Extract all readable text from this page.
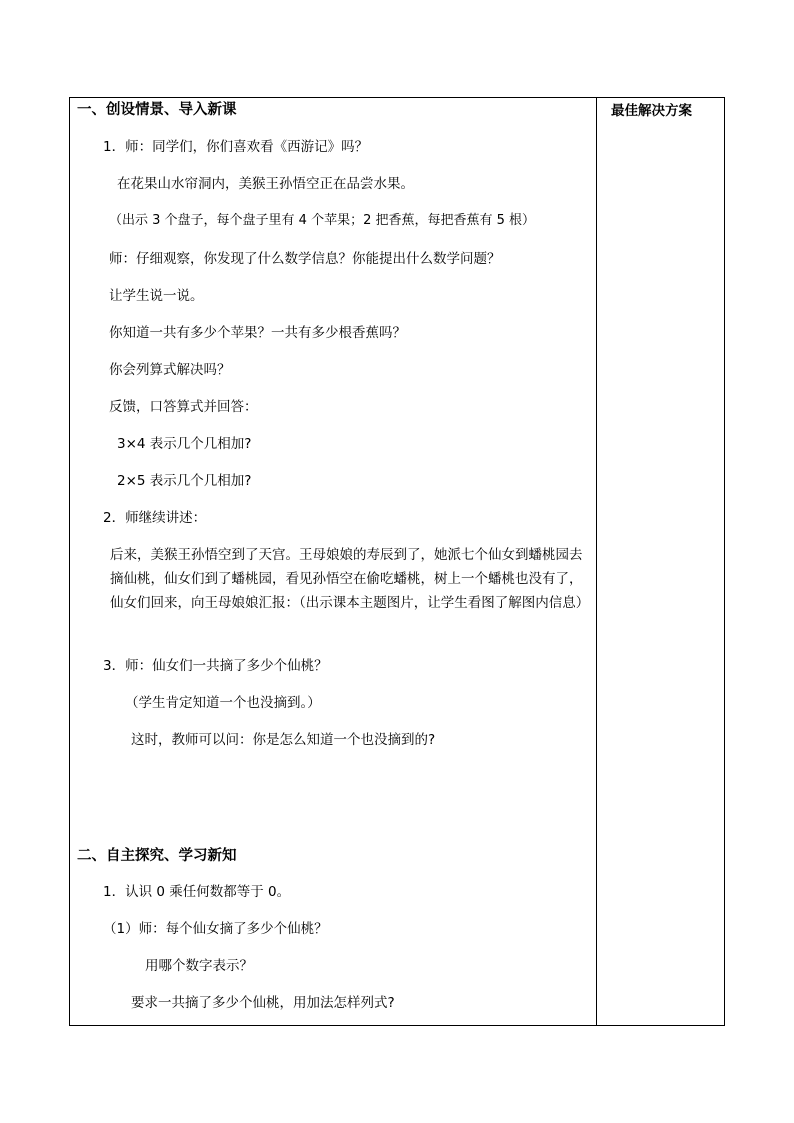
最佳解决方案
一、创设情景、导入新课
1．师：同学们，你们喜欢看《西游记》吗？
在花果山水帘洞内，美猴王孙悟空正在品尝水果。
（出示 3 个盘子，每个盘子里有 4 个苹果；2 把香蕉，每把香蕉有 5 根）
师：仔细观察，你发现了什么数学信息？你能提出什么数学问题？
让学生说一说。
你知道一共有多少个苹果？一共有多少根香蕉吗？
你会列算式解决吗？
反馈，口答算式并回答：
3×4 表示几个几相加?
2×5 表示几个几相加?
2．师继续讲述：
后来，美猴王孙悟空到了天宫。王母娘娘的寿辰到了，她派七个仙女到蟠桃园去摘仙桃，仙女们到了蟠桃园，看见孙悟空在偷吃蟠桃，树上一个蟠桃也没有了，仙女们回来，向王母娘娘汇报：（出示课本主题图片，让学生看图了解图内信息）
3．师：仙女们一共摘了多少个仙桃？
（学生肯定知道一个也没摘到。）
这时，教师可以问：你是怎么知道一个也没摘到的?
二、自主探究、学习新知
1．认识 0 乘任何数都等于 0。
（1）师：每个仙女摘了多少个仙桃？
用哪个数字表示？
要求一共摘了多少个仙桃，用加法怎样列式?
